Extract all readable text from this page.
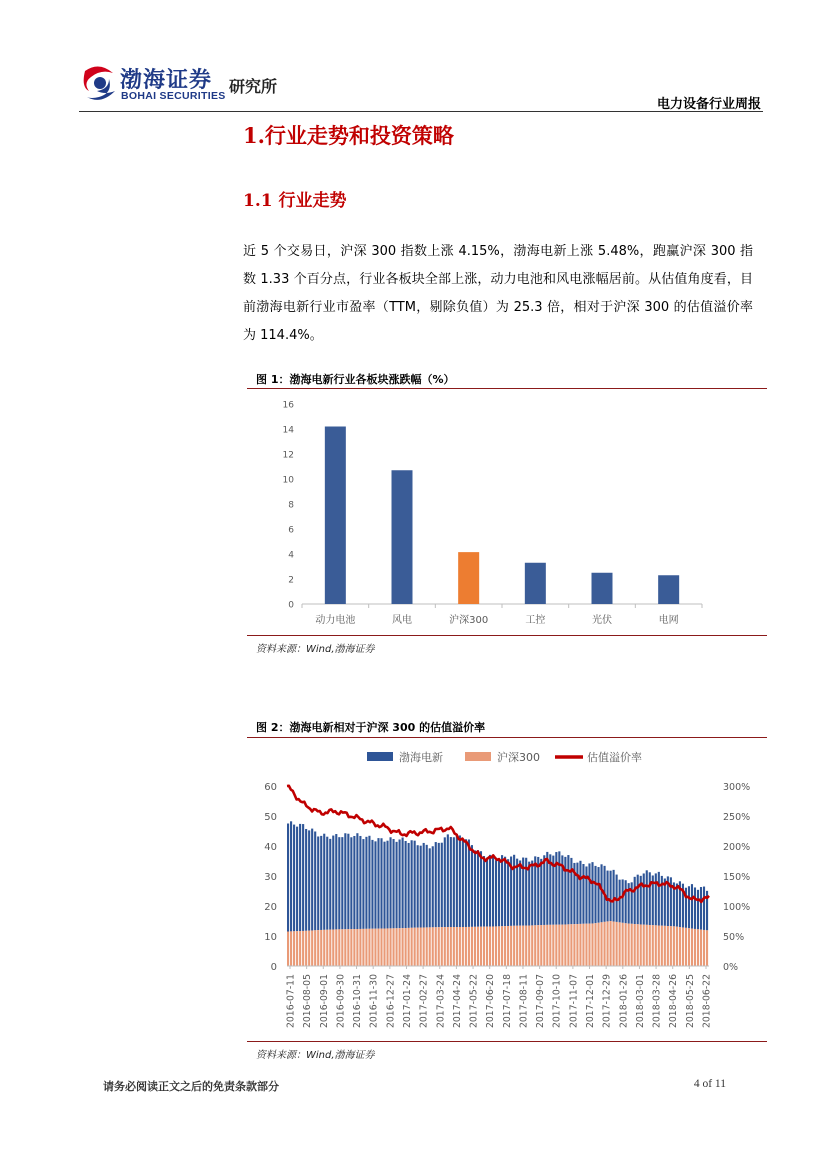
渤海证券
BOHAI SECURITIES 研究所
电力设备行业周报
1.行业走势和投资策略
1.1 行业走势
近 5 个交易日，沪深 300 指数上涨 4.15%，渤海电新上涨 5.48%，跑赢沪深 300 指数 1.33 个百分点，行业各板块全部上涨，动力电池和风电涨幅居前。从估值角度看，目前渤海电新行业市盈率（TTM，剔除负值）为 25.3 倍，相对于沪深 300 的估值溢价率为 114.4%。
图 1：渤海电新行业各板块涨跌幅（%）
0
2
4
6
8
10
12
14
16
动力电池	风电	沪深300	工控	光伏	电网
资料来源：Wind,渤海证券
图 2：渤海电新相对于沪深 300 的估值溢价率
渤海电新	沪深300	估值溢价率
0
10
20
30
40
50
60
0%
50%
100%
150%
200%
250%
300%
2016-07-11 2016-08-05 2016-09-01 2016-09-30 2016-10-31 2016-11-30 2016-12-27 2017-01-24 2017-02-27 2017-03-24 2017-04-24 2017-05-22 2017-06-20 2017-07-18 2017-08-11 2017-09-07 2017-10-10 2017-11-07 2017-12-01 2017-12-29 2018-01-26 2018-03-01 2018-03-28 2018-04-26 2018-05-25 2018-06-22
资料来源：Wind,渤海证券
请务必阅读正文之后的免责条款部分	4 of 11
